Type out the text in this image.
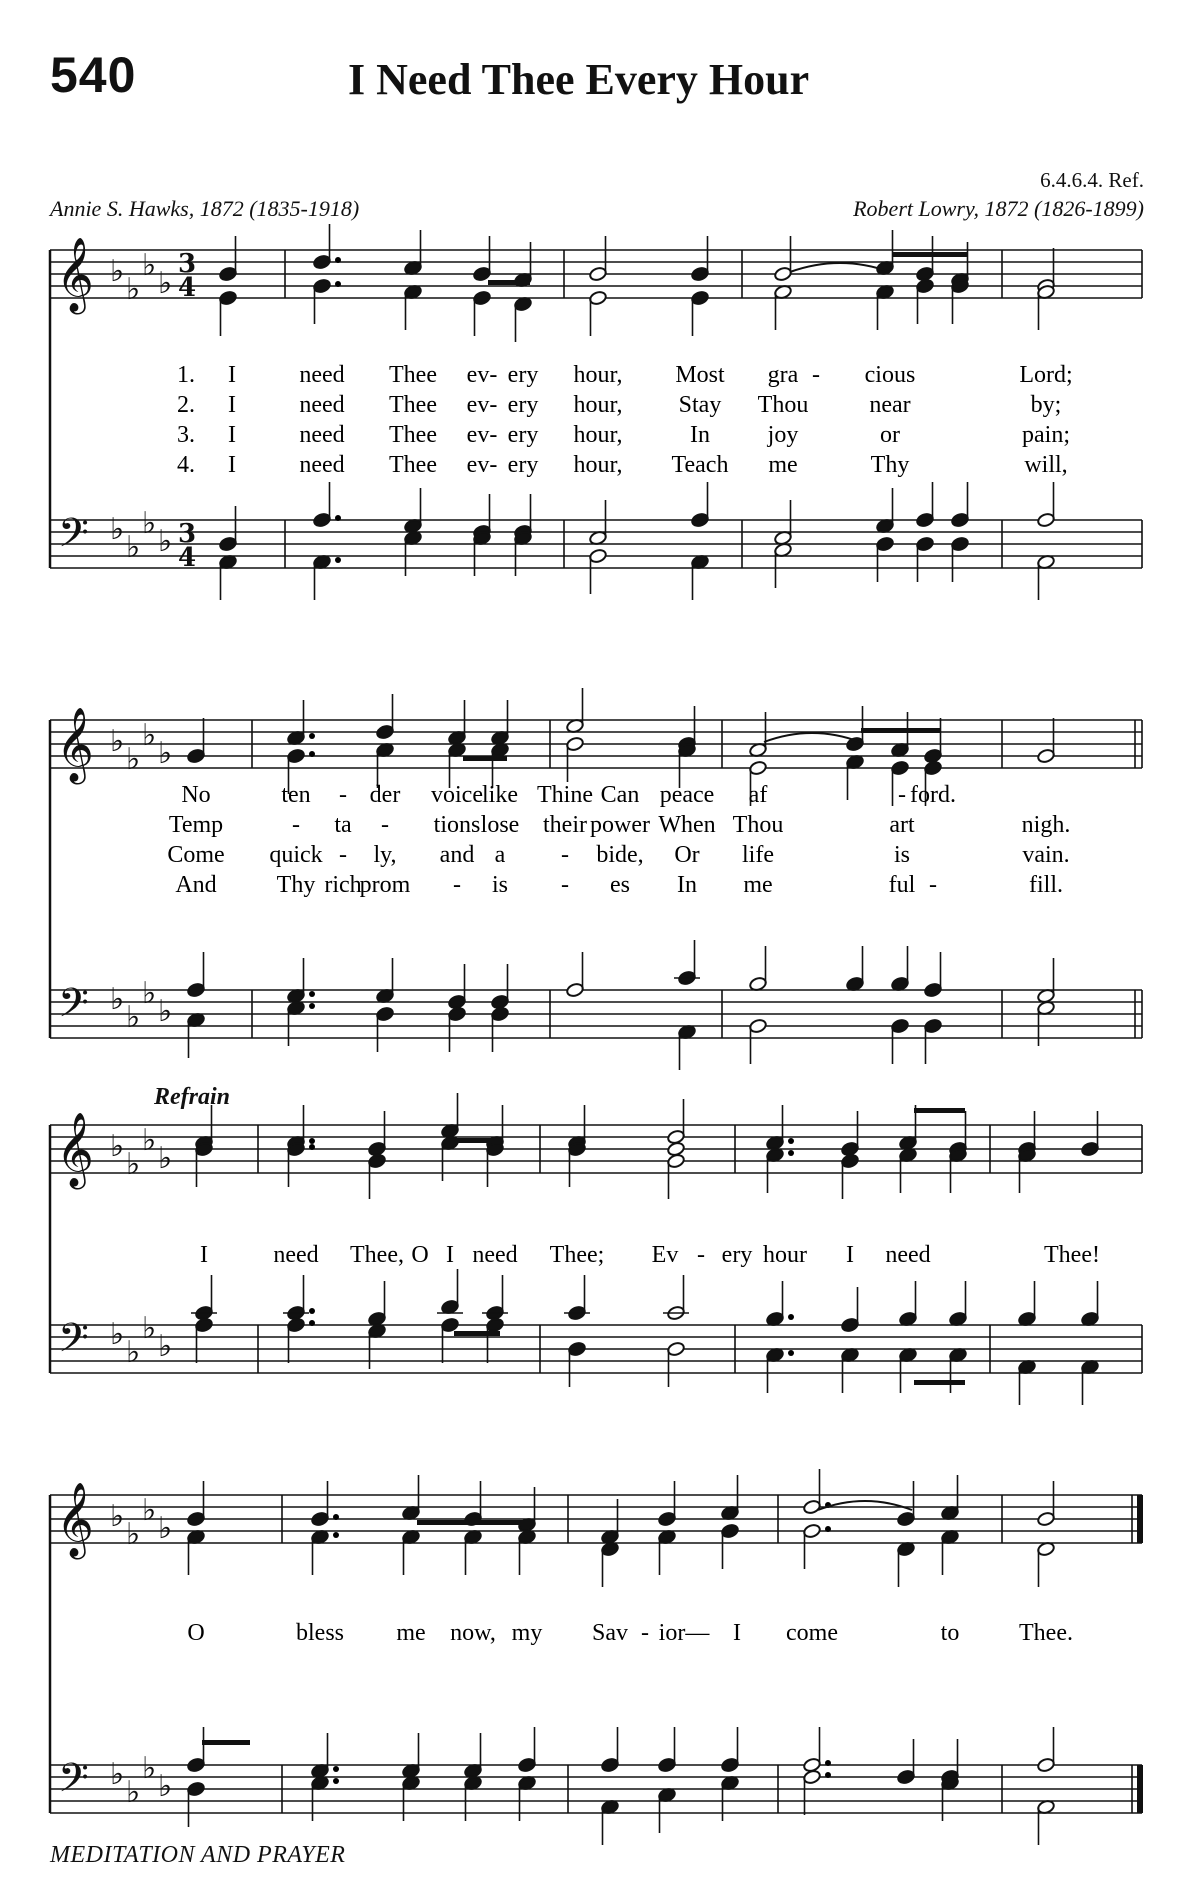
540	I Need Thee Every Hour
6.4.6.4. Ref.
Annie S. Hawks, 1872 (1835-1918)	Robert Lowry, 1872 (1826-1899)
Refrain
MEDITATION AND PRAYER
𝄞 ♭
♭
♭
♭
3
4
𝄢 ♭
♭
♭
♭ 3
4
𝄞 ♭
♭
♭
♭
𝄢 ♭
♭
♭
♭
𝄞 ♭
♭
♭
♭
𝄢 ♭
♭
♭
♭
𝄞 ♭
♭
♭
♭
𝄢 ♭
♭
♭
♭
1. I	need Thee ev- ery hour, Most gra - cious	Lord;
No	ten - der voice like Thine Can peace af	- ford.
2. I	need Thee ev- ery hour, Stay Thou	near	by;
Temp	- ta - tions lose their power When Thou	art	nigh.
3. I	need Thee ev- ery hour,	In joy	or	pain;
Come quick - ly, and a - bide, Or life	is	vain.
4. I	need Thee ev- ery hour, Teach me	Thy	will,
And Thy rich
prom - is - es In me	ful -	fill.
I	need Thee, O I need Thee; Ev - ery hour I need	Thee!
O	bless me now, my Sav - ior— I come	to Thee.
